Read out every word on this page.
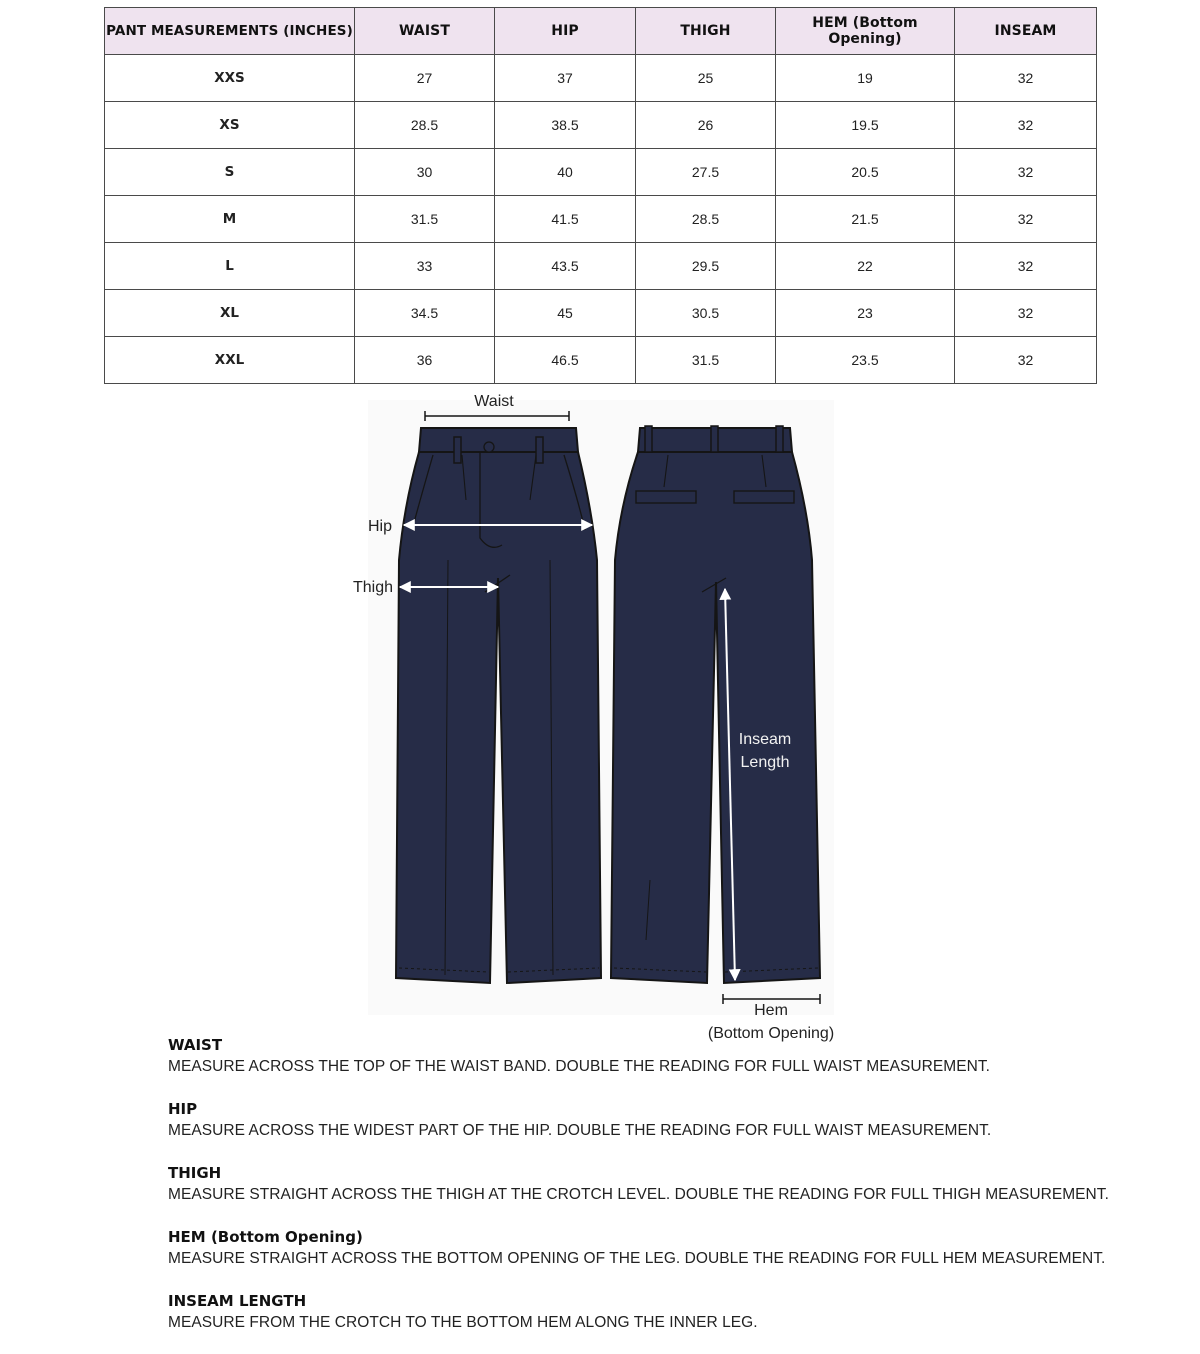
PANT MEASUREMENTS (INCHES)	WAIST	HIP	THIGH	HEM (Bottom Opening)	INSEAM
XXS	27	37	25	19	32
XS	28.5	38.5	26	19.5	32
S	30	40	27.5	20.5	32
M	31.5	41.5	28.5	21.5	32
L	33	43.5	29.5	22	32
XL	34.5	45	30.5	23	32
XXL	36	46.5	31.5	23.5	32
Waist
Hip
Thigh
Inseam
Length
Hem
(Bottom Opening)
WAIST
MEASURE ACROSS THE TOP OF THE WAIST BAND. DOUBLE THE READING FOR FULL WAIST MEASUREMENT.
HIP
MEASURE ACROSS THE WIDEST PART OF THE HIP. DOUBLE THE READING FOR FULL WAIST MEASUREMENT.
THIGH
MEASURE STRAIGHT ACROSS THE THIGH AT THE CROTCH LEVEL. DOUBLE THE READING FOR FULL THIGH MEASUREMENT.
HEM (Bottom Opening)
MEASURE STRAIGHT ACROSS THE BOTTOM OPENING OF THE LEG. DOUBLE THE READING FOR FULL HEM MEASUREMENT.
INSEAM LENGTH
MEASURE FROM THE CROTCH TO THE BOTTOM HEM ALONG THE INNER LEG.
